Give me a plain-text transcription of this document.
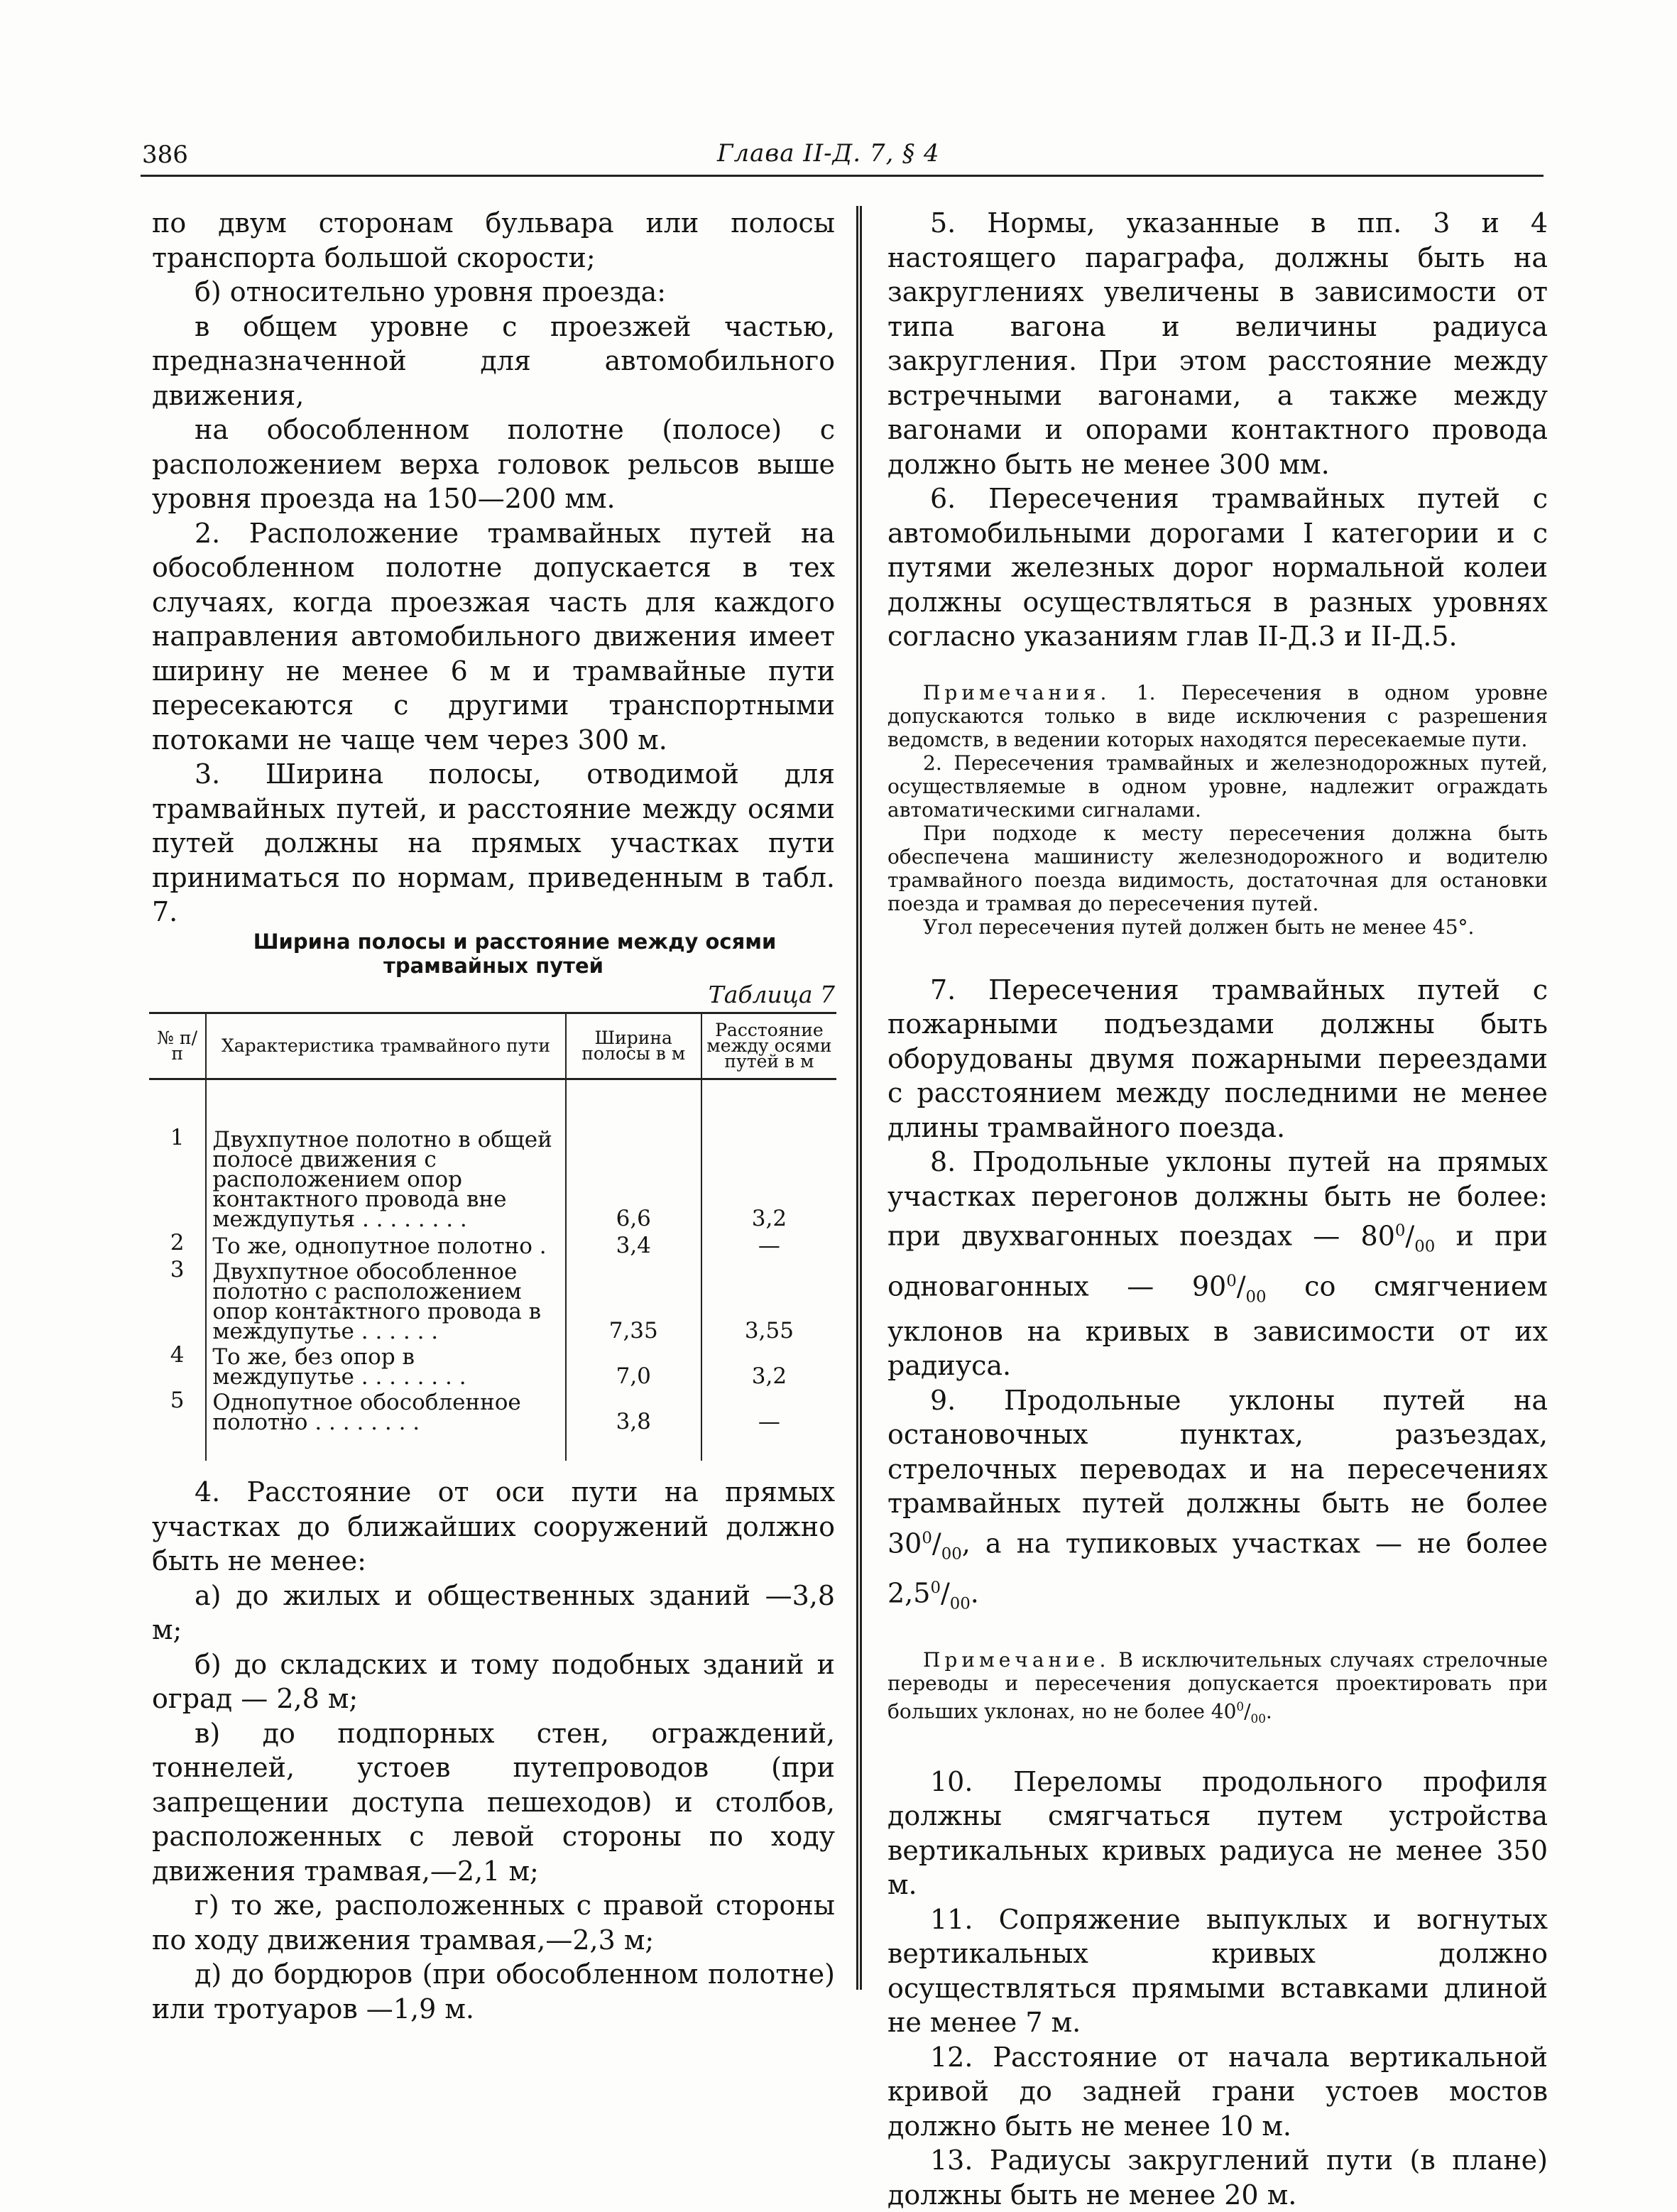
386	Глава II-Д. 7, § 4

по двум сторонам бульвара или полосы транспорта большой скорости;

б) относительно уровня проезда:

в общем уровне с проезжей частью, предназначенной для автомобильного движения,

на обособленном полотне (полосе) с расположением верха головок рельсов выше уровня проезда на 150—200 мм.

2. Расположение трамвайных путей на обособленном полотне допускается в тех случаях, когда проезжая часть для каждого направления автомобильного движения имеет ширину не менее 6 м и трамвайные пути пересекаются с другими транспортными потоками не чаще чем через 300 м.

3. Ширина полосы, отводимой для трамвайных путей, и расстояние между осями путей должны на прямых участках пути приниматься по нормам, приведенным в табл. 7.

Ширина полосы и расстояние между осями трамвайных путей

Таблица 7

№ п/п	Характеристика трамвайного пути	Ширина полосы в м	Расстояние между осями путей в м

1	Двухпутное полотно в общей полосе движения с расположением опор контактного провода вне междупутья . . . . . . . .	6,6	3,2
2	То же, однопутное полотно .	3,4	—
3	Двухпутное обособленное полотно с расположением опор контактного провода в междупутье . . . . . .	7,35	3,55
4	То же, без опор в междупутье . . . . . . . .	7,0	3,2
5	Однопутное обособленное полотно . . . . . . . .	3,8	—

4. Расстояние от оси пути на прямых участках до ближайших сооружений должно быть не менее:

а) до жилых и общественных зданий —3,8 м;

б) до складских и тому подобных зданий и оград — 2,8 м;

в) до подпорных стен, ограждений, тоннелей, устоев путепроводов (при запрещении доступа пешеходов) и столбов, расположенных с левой стороны по ходу движения трамвая,—2,1 м;

г) то же, расположенных с правой стороны по ходу движения трамвая,—2,3 м;

д) до бордюров (при обособленном полотне) или тротуаров —1,9 м.

5. Нормы, указанные в пп. 3 и 4 настоящего параграфа, должны быть на закруглениях увеличены в зависимости от типа вагона и величины радиуса закругления. При этом расстояние между встречными вагонами, а также между вагонами и опорами контактного провода должно быть не менее 300 мм.

6. Пересечения трамвайных путей с автомобильными дорогами I категории и с путями железных дорог нормальной колеи должны осуществляться в разных уровнях согласно указаниям глав II-Д.3 и II-Д.5.

Примечания. 1. Пересечения в одном уровне допускаются только в виде исключения с разрешения ведомств, в ведении которых находятся пересекаемые пути.

2. Пересечения трамвайных и железнодорожных путей, осуществляемые в одном уровне, надлежит ограждать автоматическими сигналами.

При подходе к месту пересечения должна быть обеспечена машинисту железнодорожного и водителю трамвайного поезда видимость, достаточная для остановки поезда и трамвая до пересечения путей.

Угол пересечения путей должен быть не менее 45°.

7. Пересечения трамвайных путей с пожарными подъездами должны быть оборудованы двумя пожарными переездами с расстоянием между последними не менее длины трамвайного поезда.

8. Продольные уклоны путей на прямых участках перегонов должны быть не более: при двухвагонных поездах — $80^0/_{00}$ и при одновагонных — $90^0/_{00}$ со смягчением уклонов на кривых в зависимости от их радиуса.

9. Продольные уклоны путей на остановочных пунктах, разъездах, стрелочных переводах и на пересечениях трамвайных путей должны быть не более $30^0/_{00}$, а на тупиковых участках — не более $2,5^0/_{00}$.

Примечание. В исключительных случаях стрелочные переводы и пересечения допускается проектировать при больших уклонах, но не более $40^0/_{00}$.

10. Переломы продольного профиля должны смягчаться путем устройства вертикальных кривых радиуса не менее 350 м.

11. Сопряжение выпуклых и вогнутых вертикальных кривых должно осуществляться прямыми вставками длиной не менее 7 м.

12. Расстояние от начала вертикальной кривой до задней грани устоев мостов должно быть не менее 10 м.

13. Радиусы закруглений пути (в плане) должны быть не менее 20 м.
